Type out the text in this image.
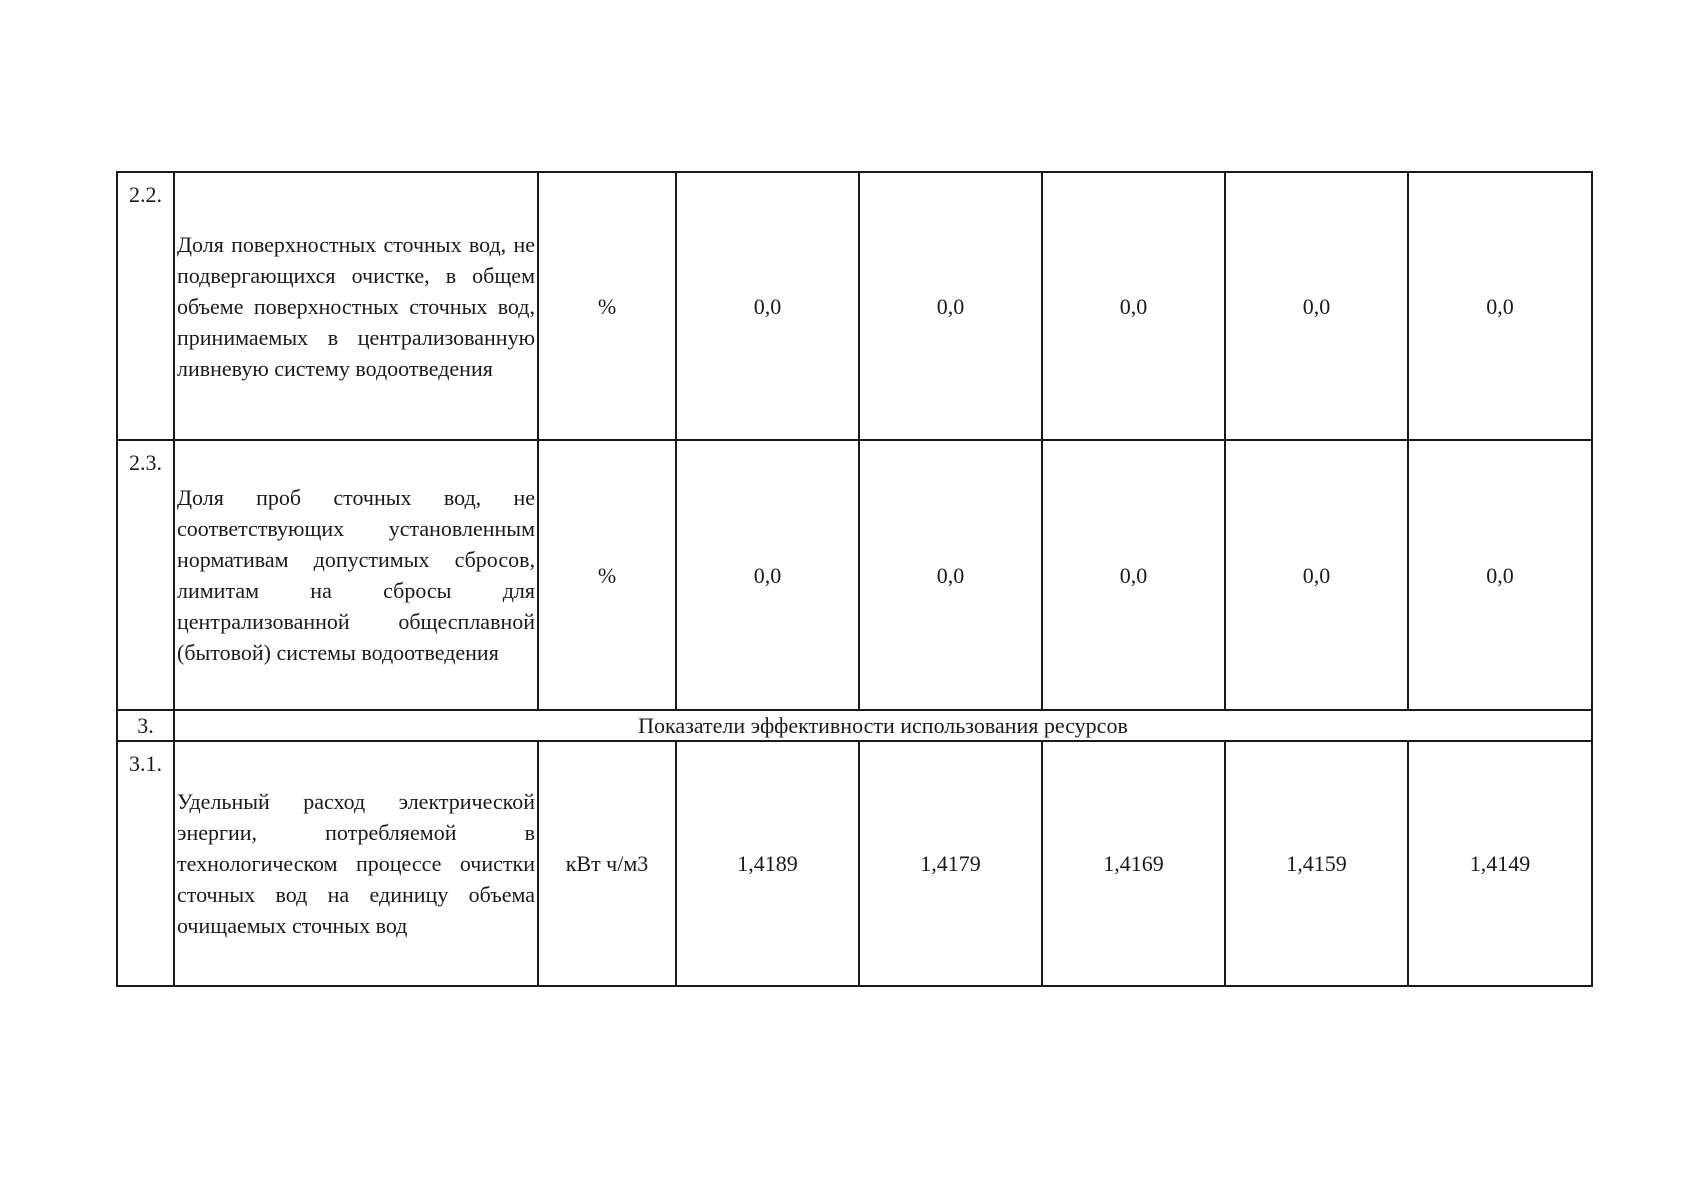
2.2.	Доля поверхностных сточных вод, не подвергающихся очистке, в общем объеме поверхностных сточных вод, принимаемых в централизованную ливневую систему водоотведения	%	0,0	0,0	0,0	0,0	0,0
2.3.	Доля проб сточных вод, не соответствующих установленным нормативам допустимых сбросов, лимитам на сбросы для централизованной общесплавной (бытовой) системы водоотведения	%	0,0	0,0	0,0	0,0	0,0
3.	Показатели эффективности использования ресурсов						
3.1.	Удельный расход электрической энергии, потребляемой в технологическом процессе очистки сточных вод на единицу объема очищаемых сточных вод	кВт ч/м3	1,4189	1,4179	1,4169	1,4159	1,4149
